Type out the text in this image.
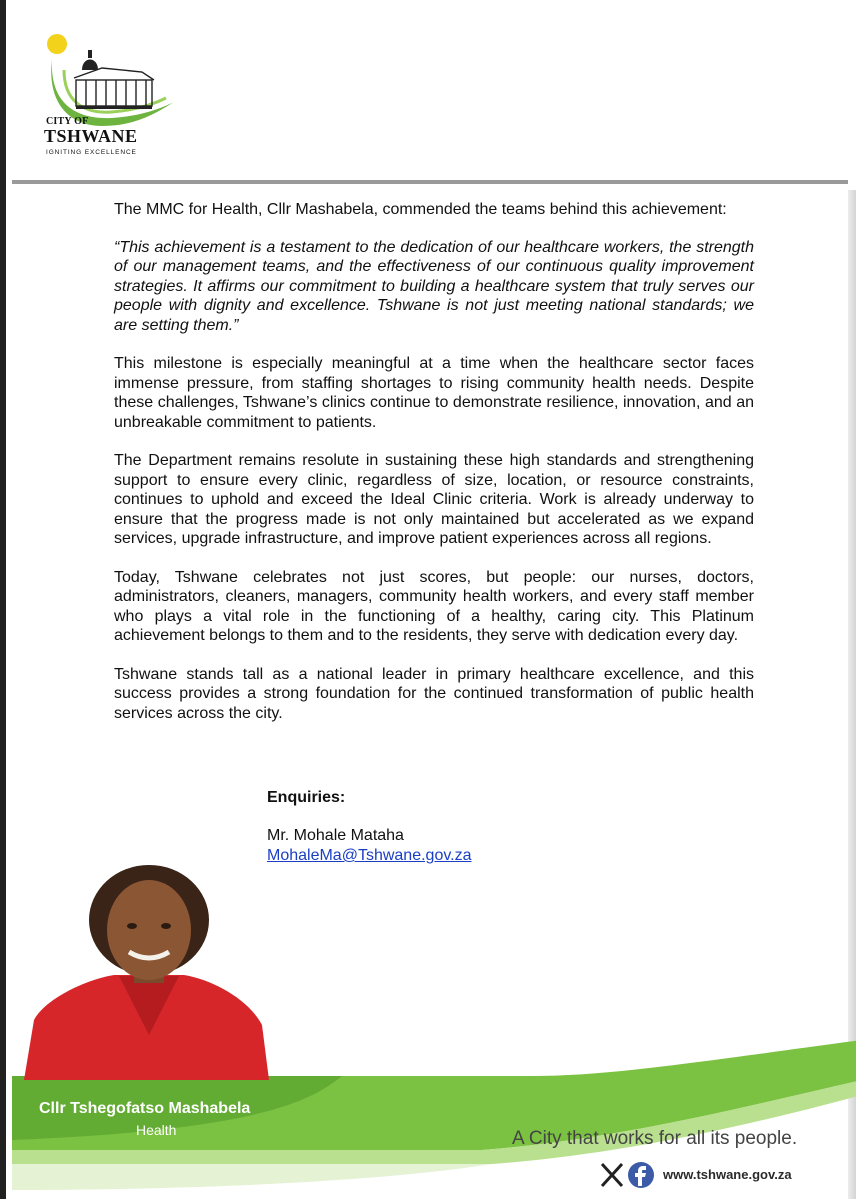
CITY OF
TSHWANE
IGNITING EXCELLENCE

The MMC for Health, Cllr Mashabela, commended the teams behind this achievement:

“This achievement is a testament to the dedication of our healthcare workers, the strength of our management teams, and the effectiveness of our continuous quality improvement strategies. It affirms our commitment to building a healthcare system that truly serves our people with dignity and excellence. Tshwane is not just meeting national standards; we are setting them.”

This milestone is especially meaningful at a time when the healthcare sector faces immense pressure, from staffing shortages to rising community health needs. Despite these challenges, Tshwane’s clinics continue to demonstrate resilience, innovation, and an unbreakable commitment to patients.

The Department remains resolute in sustaining these high standards and strengthening support to ensure every clinic, regardless of size, location, or resource constraints, continues to uphold and exceed the Ideal Clinic criteria. Work is already underway to ensure that the progress made is not only maintained but accelerated as we expand services, upgrade infrastructure, and improve patient experiences across all regions.

Today, Tshwane celebrates not just scores, but people: our nurses, doctors, administrators, cleaners, managers, community health workers, and every staff member who plays a vital role in the functioning of a healthy, caring city. This Platinum achievement belongs to them and to the residents, they serve with dedication every day.

Tshwane stands tall as a national leader in primary healthcare excellence, and this success provides a strong foundation for the continued transformation of public health services across the city.

Enquiries:
Mr. Mohale Mataha
MohaleMa@Tshwane.gov.za
Cllr Tshegofatso Mashabela
Health	A City that works for all its people.
www.tshwane.gov.za
